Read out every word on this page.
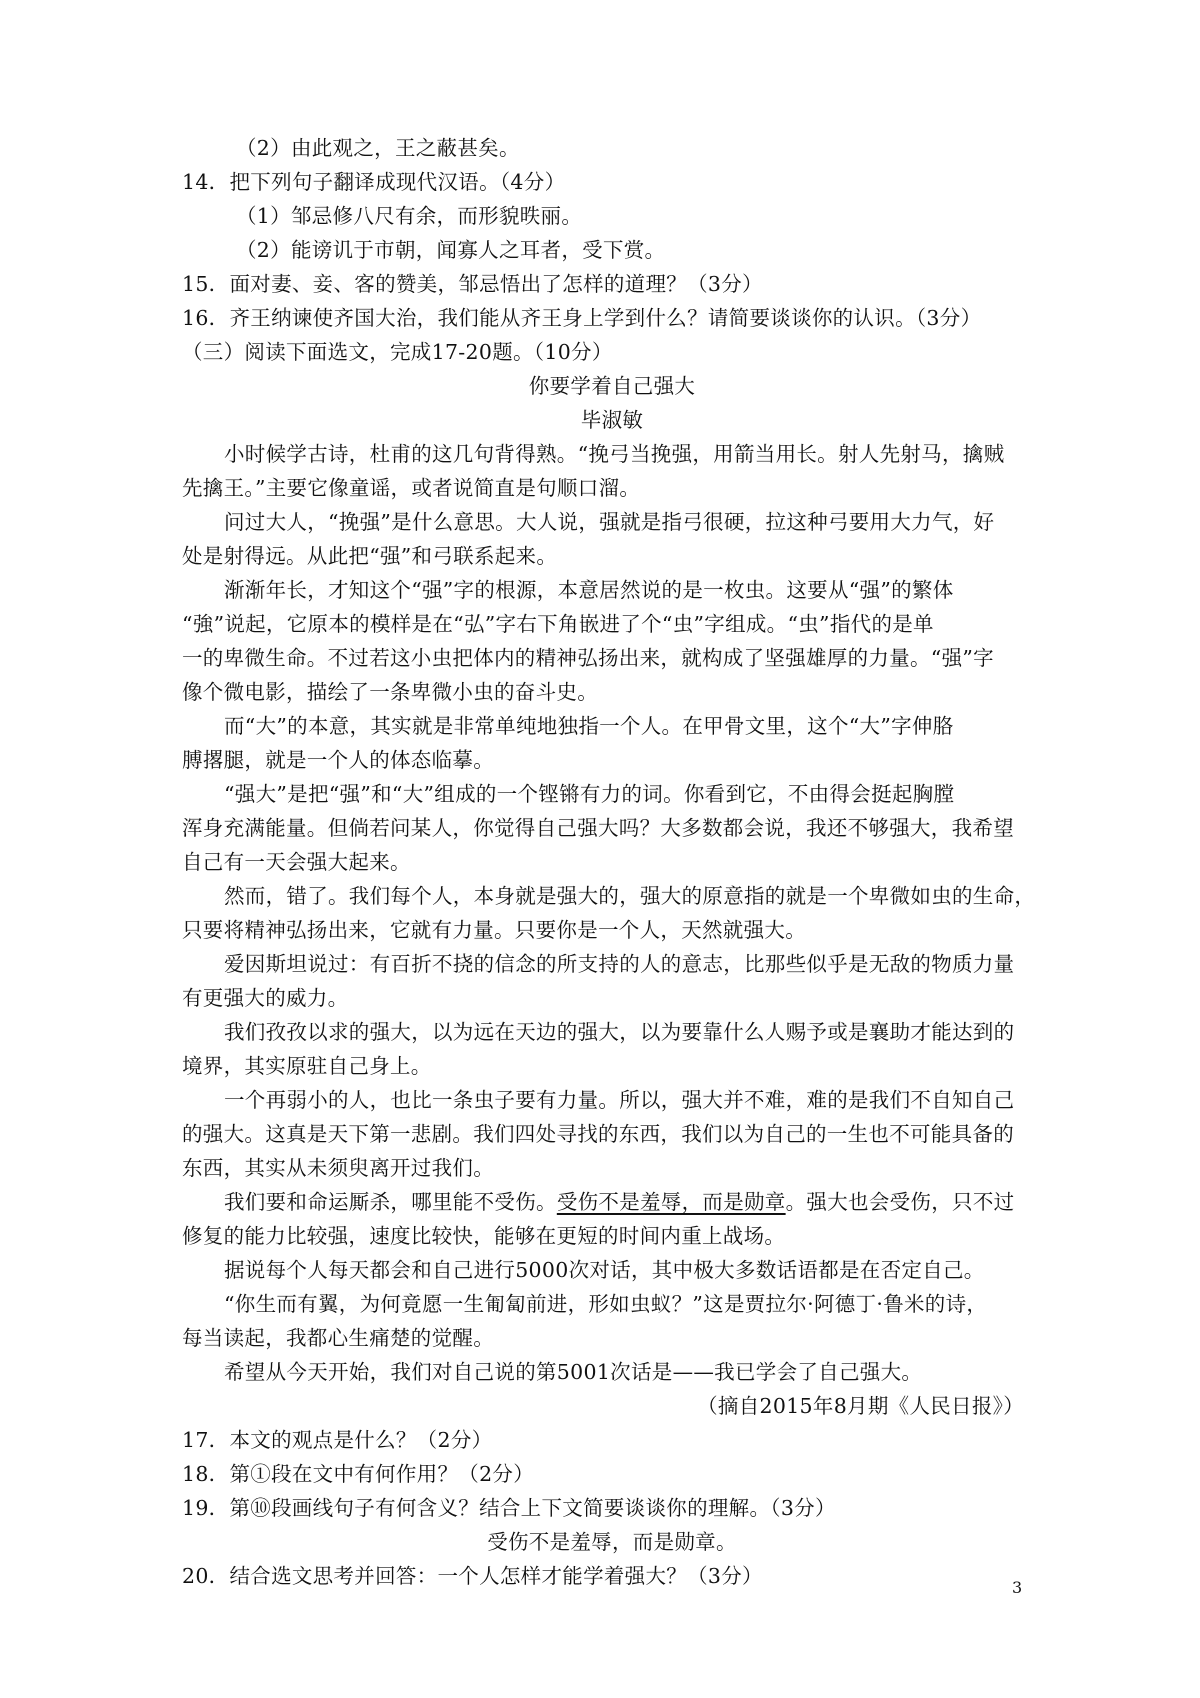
（2）由此观之，王之蔽甚矣。
14．把下列句子翻译成现代汉语。（4分）
（1）邹忌修八尺有余，而形貌昳丽。
（2）能谤讥于市朝，闻寡人之耳者，受下赏。
15．面对妻、妾、客的赞美，邹忌悟出了怎样的道理？（3分）
16．齐王纳谏使齐国大治，我们能从齐王身上学到什么？请简要谈谈你的认识。（3分）
（三）阅读下面选文，完成17-20题。（10分）
你要学着自己强大
毕淑敏
小时候学古诗，杜甫的这几句背得熟。“挽弓当挽强，用箭当用长。射人先射马，擒贼
先擒王。”主要它像童谣，或者说简直是句顺口溜。
问过大人，“挽强”是什么意思。大人说，强就是指弓很硬，拉这种弓要用大力气，好
处是射得远。从此把“强”和弓联系起来。
渐渐年长，才知这个“强”字的根源，本意居然说的是一枚虫。这要从“强”的繁体
“強”说起，它原本的模样是在“弘”字右下角嵌进了个“虫”字组成。“虫”指代的是单
一的卑微生命。不过若这小虫把体内的精神弘扬出来，就构成了坚强雄厚的力量。“强”字
像个微电影，描绘了一条卑微小虫的奋斗史。
而“大”的本意，其实就是非常单纯地独指一个人。在甲骨文里，这个“大”字伸胳
膊撂腿，就是一个人的体态临摹。
“强大”是把“强”和“大”组成的一个铿锵有力的词。你看到它，不由得会挺起胸膛
浑身充满能量。但倘若问某人，你觉得自己强大吗？大多数都会说，我还不够强大，我希望
自己有一天会强大起来。
然而，错了。我们每个人，本身就是强大的，强大的原意指的就是一个卑微如虫的生命，
只要将精神弘扬出来，它就有力量。只要你是一个人，天然就强大。
爱因斯坦说过：有百折不挠的信念的所支持的人的意志，比那些似乎是无敌的物质力量
有更强大的威力。
我们孜孜以求的强大，以为远在天边的强大，以为要靠什么人赐予或是襄助才能达到的
境界，其实原驻自己身上。
一个再弱小的人，也比一条虫子要有力量。所以，强大并不难，难的是我们不自知自己
的强大。这真是天下第一悲剧。我们四处寻找的东西，我们以为自己的一生也不可能具备的
东西，其实从未须臾离开过我们。
我们要和命运厮杀，哪里能不受伤。受伤不是羞辱，而是勋章。强大也会受伤，只不过
修复的能力比较强，速度比较快，能够在更短的时间内重上战场。
据说每个人每天都会和自己进行5000次对话，其中极大多数话语都是在否定自己。
“你生而有翼，为何竟愿一生匍匐前进，形如虫蚁？”这是贾拉尔·阿德丁·鲁米的诗，
每当读起，我都心生痛楚的觉醒。
希望从今天开始，我们对自己说的第5001次话是——我已学会了自己强大。
（摘自2015年8月期《人民日报》）
17．本文的观点是什么？（2分）
18．第①段在文中有何作用？（2分）
19．第⑩段画线句子有何含义？结合上下文简要谈谈你的理解。（3分）
受伤不是羞辱，而是勋章。
20．结合选文思考并回答：一个人怎样才能学着强大？（3分）	3
